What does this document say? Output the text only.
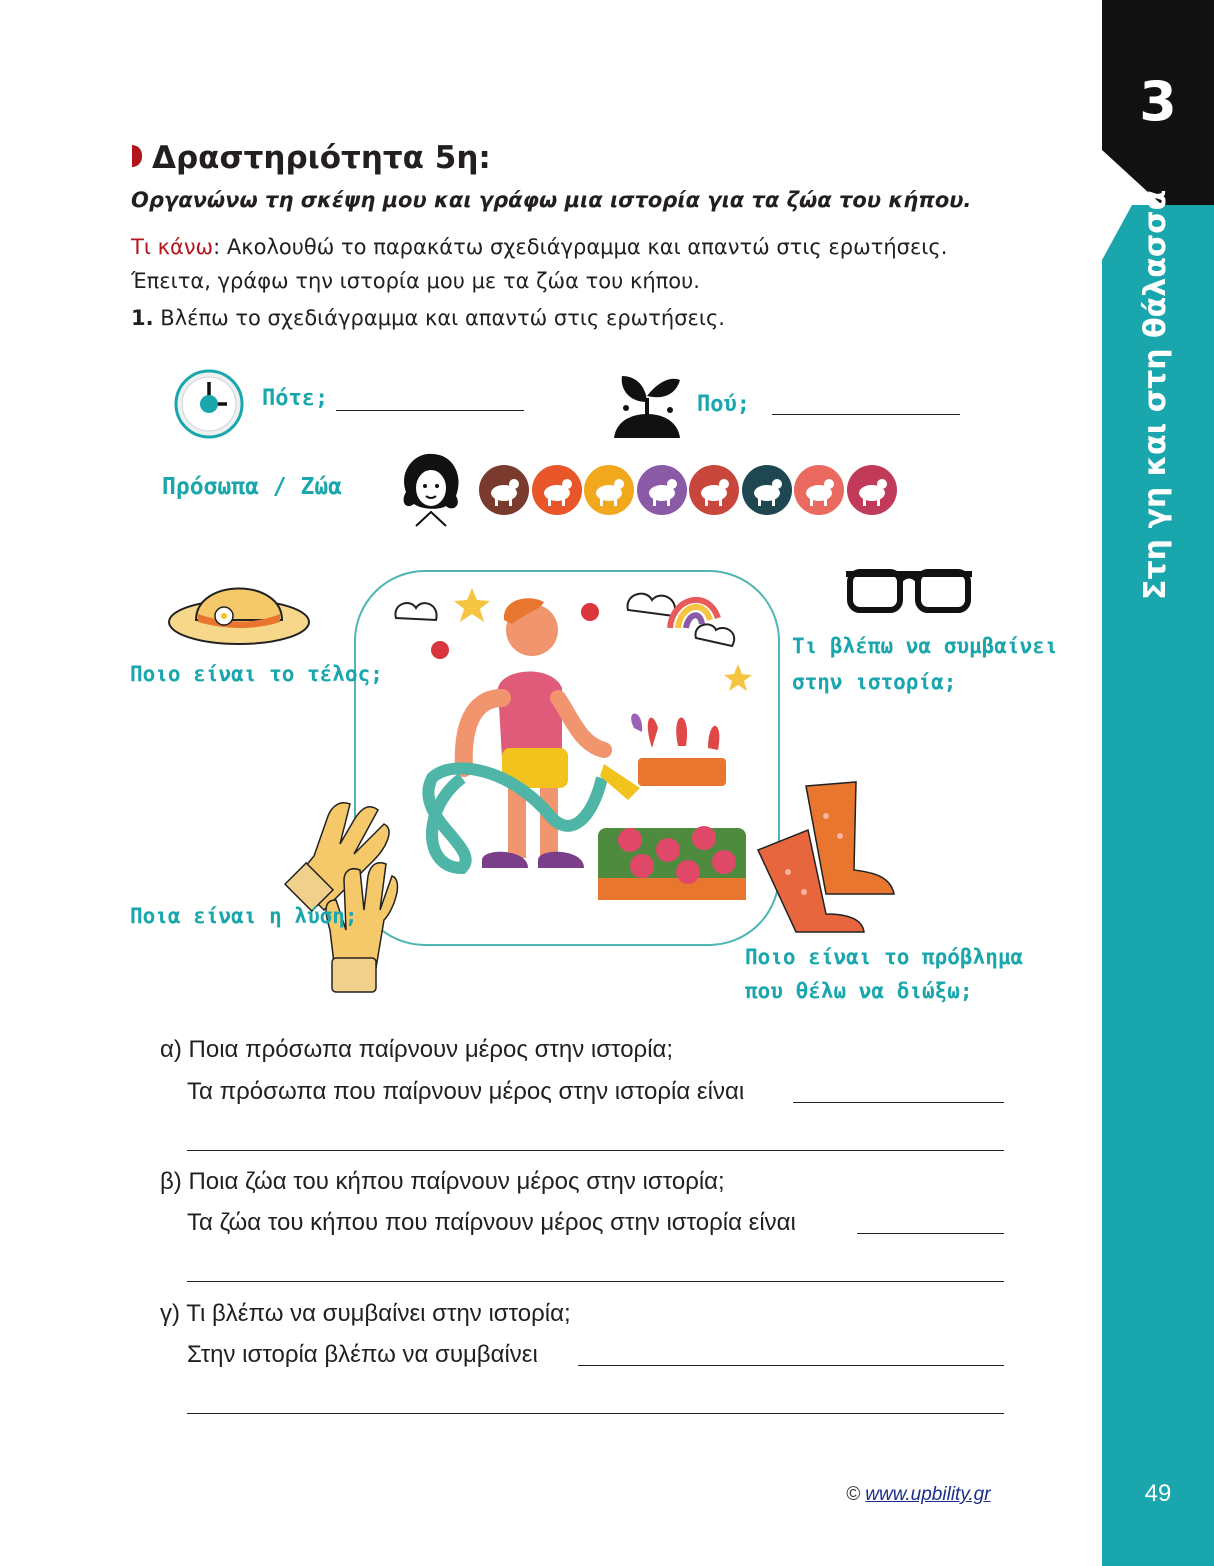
3
Στη γη και στη θάλασσα
49
Δραστηριότητα 5η:
Οργανώνω τη σκέψη μου και γράφω μια ιστορία για τα ζώα του κήπου.
Τι κάνω: Ακολουθώ το παρακάτω σχεδιάγραμμα και απαντώ στις ερωτήσεις. Έπειτα, γράφω την ιστορία μου με τα ζώα του κήπου.
1. Βλέπω το σχεδιάγραμμα και απαντώ στις ερωτήσεις.
Πότε;	Πού;
Πρόσωπα / Ζώα
Ποιο είναι το τέλος;
Τι βλέπω να συμβαίνει
στην ιστορία;
Ποια είναι η λύση;
Ποιο είναι το πρόβλημα
που θέλω να διώξω;
α) Ποια πρόσωπα παίρνουν μέρος στην ιστορία;
Τα πρόσωπα που παίρνουν μέρος στην ιστορία είναι
β) Ποια ζώα του κήπου παίρνουν μέρος στην ιστορία;
Τα ζώα του κήπου που παίρνουν μέρος στην ιστορία είναι
γ) Τι βλέπω να συμβαίνει στην ιστορία;
Στην ιστορία βλέπω να συμβαίνει
© www.upbility.gr
